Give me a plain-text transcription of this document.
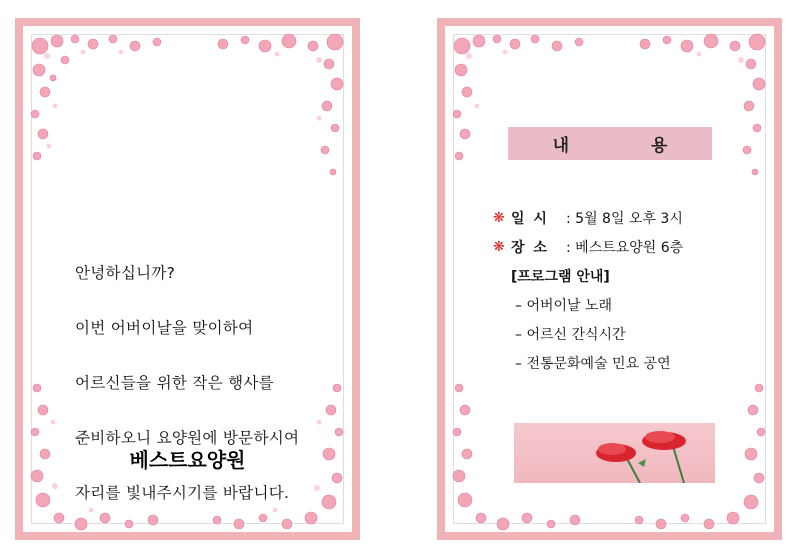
안녕하십니까?

이번 어버이날을 맞이하여

어르신들을 위한 작은 행사를

준비하오니 요양원에 방문하시여

자리를 빛내주시기를 바랍니다.

베스트요양원
내 용
❋ 일 시	: 5월 8일 오후 3시
❋ 장 소	: 베스트요양원 6층
[프로그램 안내]
– 어버이날 노래
– 어르신 간식시간
– 전통문화예술 민요 공연
